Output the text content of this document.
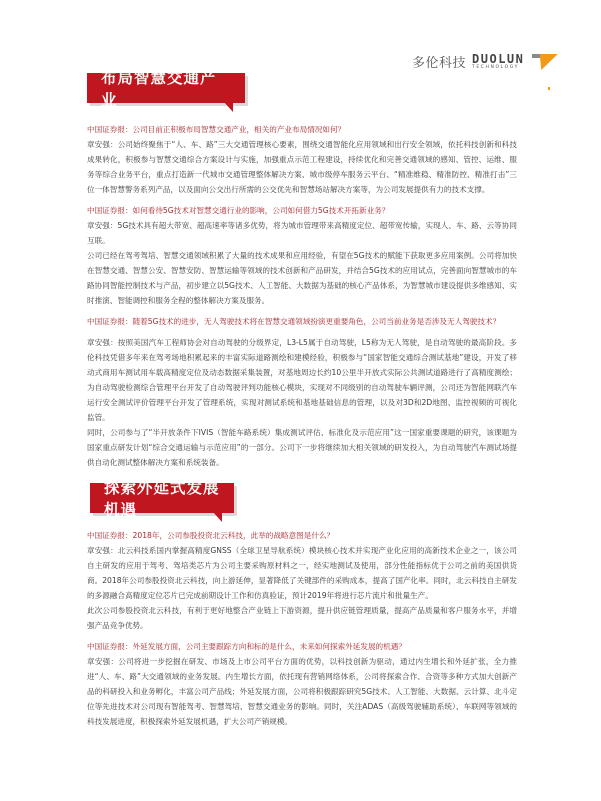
多伦科技 DUOLUN
TECHNOLOGY
布局智慧交通产业

中国证券报：公司目前正积极布局智慧交通产业，相关的产业布局情况如何？

章安强：公司始终聚焦于“人、车、路”三大交通管理核心要素，围绕交通智能化应用领域和出行安全领域，依托科技创新和科技成果转化，积极参与智慧交通综合方案设计与实施，加强重点示范工程建设，持续优化和完善交通领域的感知、管控、运维、服务等综合业务平台，重点打造新一代城市交通管理整体解决方案、城市级停车服务云平台、“精准维稳、精准防控、精准打击”三位一体智慧警务系列产品，以及面向公交出行所需的公交优先和智慧场站解决方案等，为公司发展提供有力的技术支撑。

中国证券报：如何看待5G技术对智慧交通行业的影响，公司如何借力5G技术开拓新业务？

章安强：5G技术具有超大带宽、超高速率等诸多优势，将为城市管理带来高精度定位、超带宽传输，实现人、车、路、云等协同互联。

公司已经在驾考驾培、智慧交通领域积累了大量的技术成果和应用经验，有望在5G技术的赋能下获取更多应用案例。公司将加快在智慧交通、智慧公安、智慧安防、智慧运输等领域的技术创新和产品研发，并结合5G技术的应用试点，完善面向智慧城市的车路协同智能控制技术与产品，初步建立以5G技术、人工智能、大数据为基础的核心产品体系，为智慧城市建设提供多维感知、实时推演、智能调控和服务全程的整体解决方案及服务。

中国证券报：随着5G技术的进步，无人驾驶技术将在智慧交通领域扮演更重要角色，公司当前业务是否涉及无人驾驶技术？

章安强：按照美国汽车工程师协会对自动驾驶的分级界定，L3-L5属于自动驾驶，L5称为无人驾驶，是自动驾驶的最高阶段。多伦科技凭借多年来在驾考场地积累起来的丰富实际道路测绘和建模经验，积极参与“国家智能交通综合测试基地”建设，开发了移动式商用车测试用车载高精度定位及动态数据采集装置，对基地周边长约10公里半开放式实际公共测试道路进行了高精度测绘；为自动驾驶检测综合管理平台开发了自动驾驶评判功能核心模块，实现对不同级别的自动驾驶车辆评测，公司还为智能网联汽车运行安全测试评价管理平台开发了管理系统，实现对测试系统和基地基础信息的管理，以及对3D和2D地图、监控视频的可视化监管。

同时，公司参与了“半开放条件下IVIS（智能车路系统）集成测试评估、标准化及示范应用”这一国家重要课题的研究，该课题为国家重点研发计划“综合交通运输与示范应用”的一部分。公司下一步将继续加大相关领域的研发投入，为自动驾驶汽车测试场提供自动化测试整体解决方案和系统装备。

探索外延式发展机遇

中国证券报：2018年，公司参股投资北云科技，此举的战略意图是什么？

章安强：北云科技系国内掌握高精度GNSS（全球卫星导航系统）模块核心技术并实现产业化应用的高新技术企业之一，该公司自主研发的应用于驾考、驾培类芯片为公司主要采购原材料之一，经实地测试及使用，部分性能指标优于公司之前的美国供货商。2018年公司参股投资北云科技，向上游延伸，显著降低了关键部件的采购成本，提高了国产化率。同时，北云科技自主研发的多源融合高精度定位芯片已完成前期设计工作和仿真验证，预计2019年将进行芯片流片和批量生产。

此次公司参股投资北云科技，有利于更好地整合产业链上下游资源，提升供应链管理质量，提高产品质量和客户服务水平，并增强产品竞争优势。

中国证券报：外延发展方面，公司主要跟踪方向和标的是什么，未来如何探索外延发展的机遇？

章安强：公司将进一步挖掘在研发、市场及上市公司平台方面的优势，以科技创新为驱动，通过内生增长和外延扩张，全力推进“人、车、路”大交通领域的业务发展。内生增长方面，依托现有营销网络体系，公司将探索合作、合资等多种方式加大创新产品的科研投入和业务孵化，丰富公司产品线；外延发展方面，公司将积极跟踪研究5G技术、人工智能、大数据、云计算、北斗定位等先进技术对公司现有智能驾考、智慧驾培、智慧交通业务的影响。同时，关注ADAS（高级驾驶辅助系统）、车联网等领域的科技发展进度，积极探索外延发展机遇，扩大公司产销规模。
